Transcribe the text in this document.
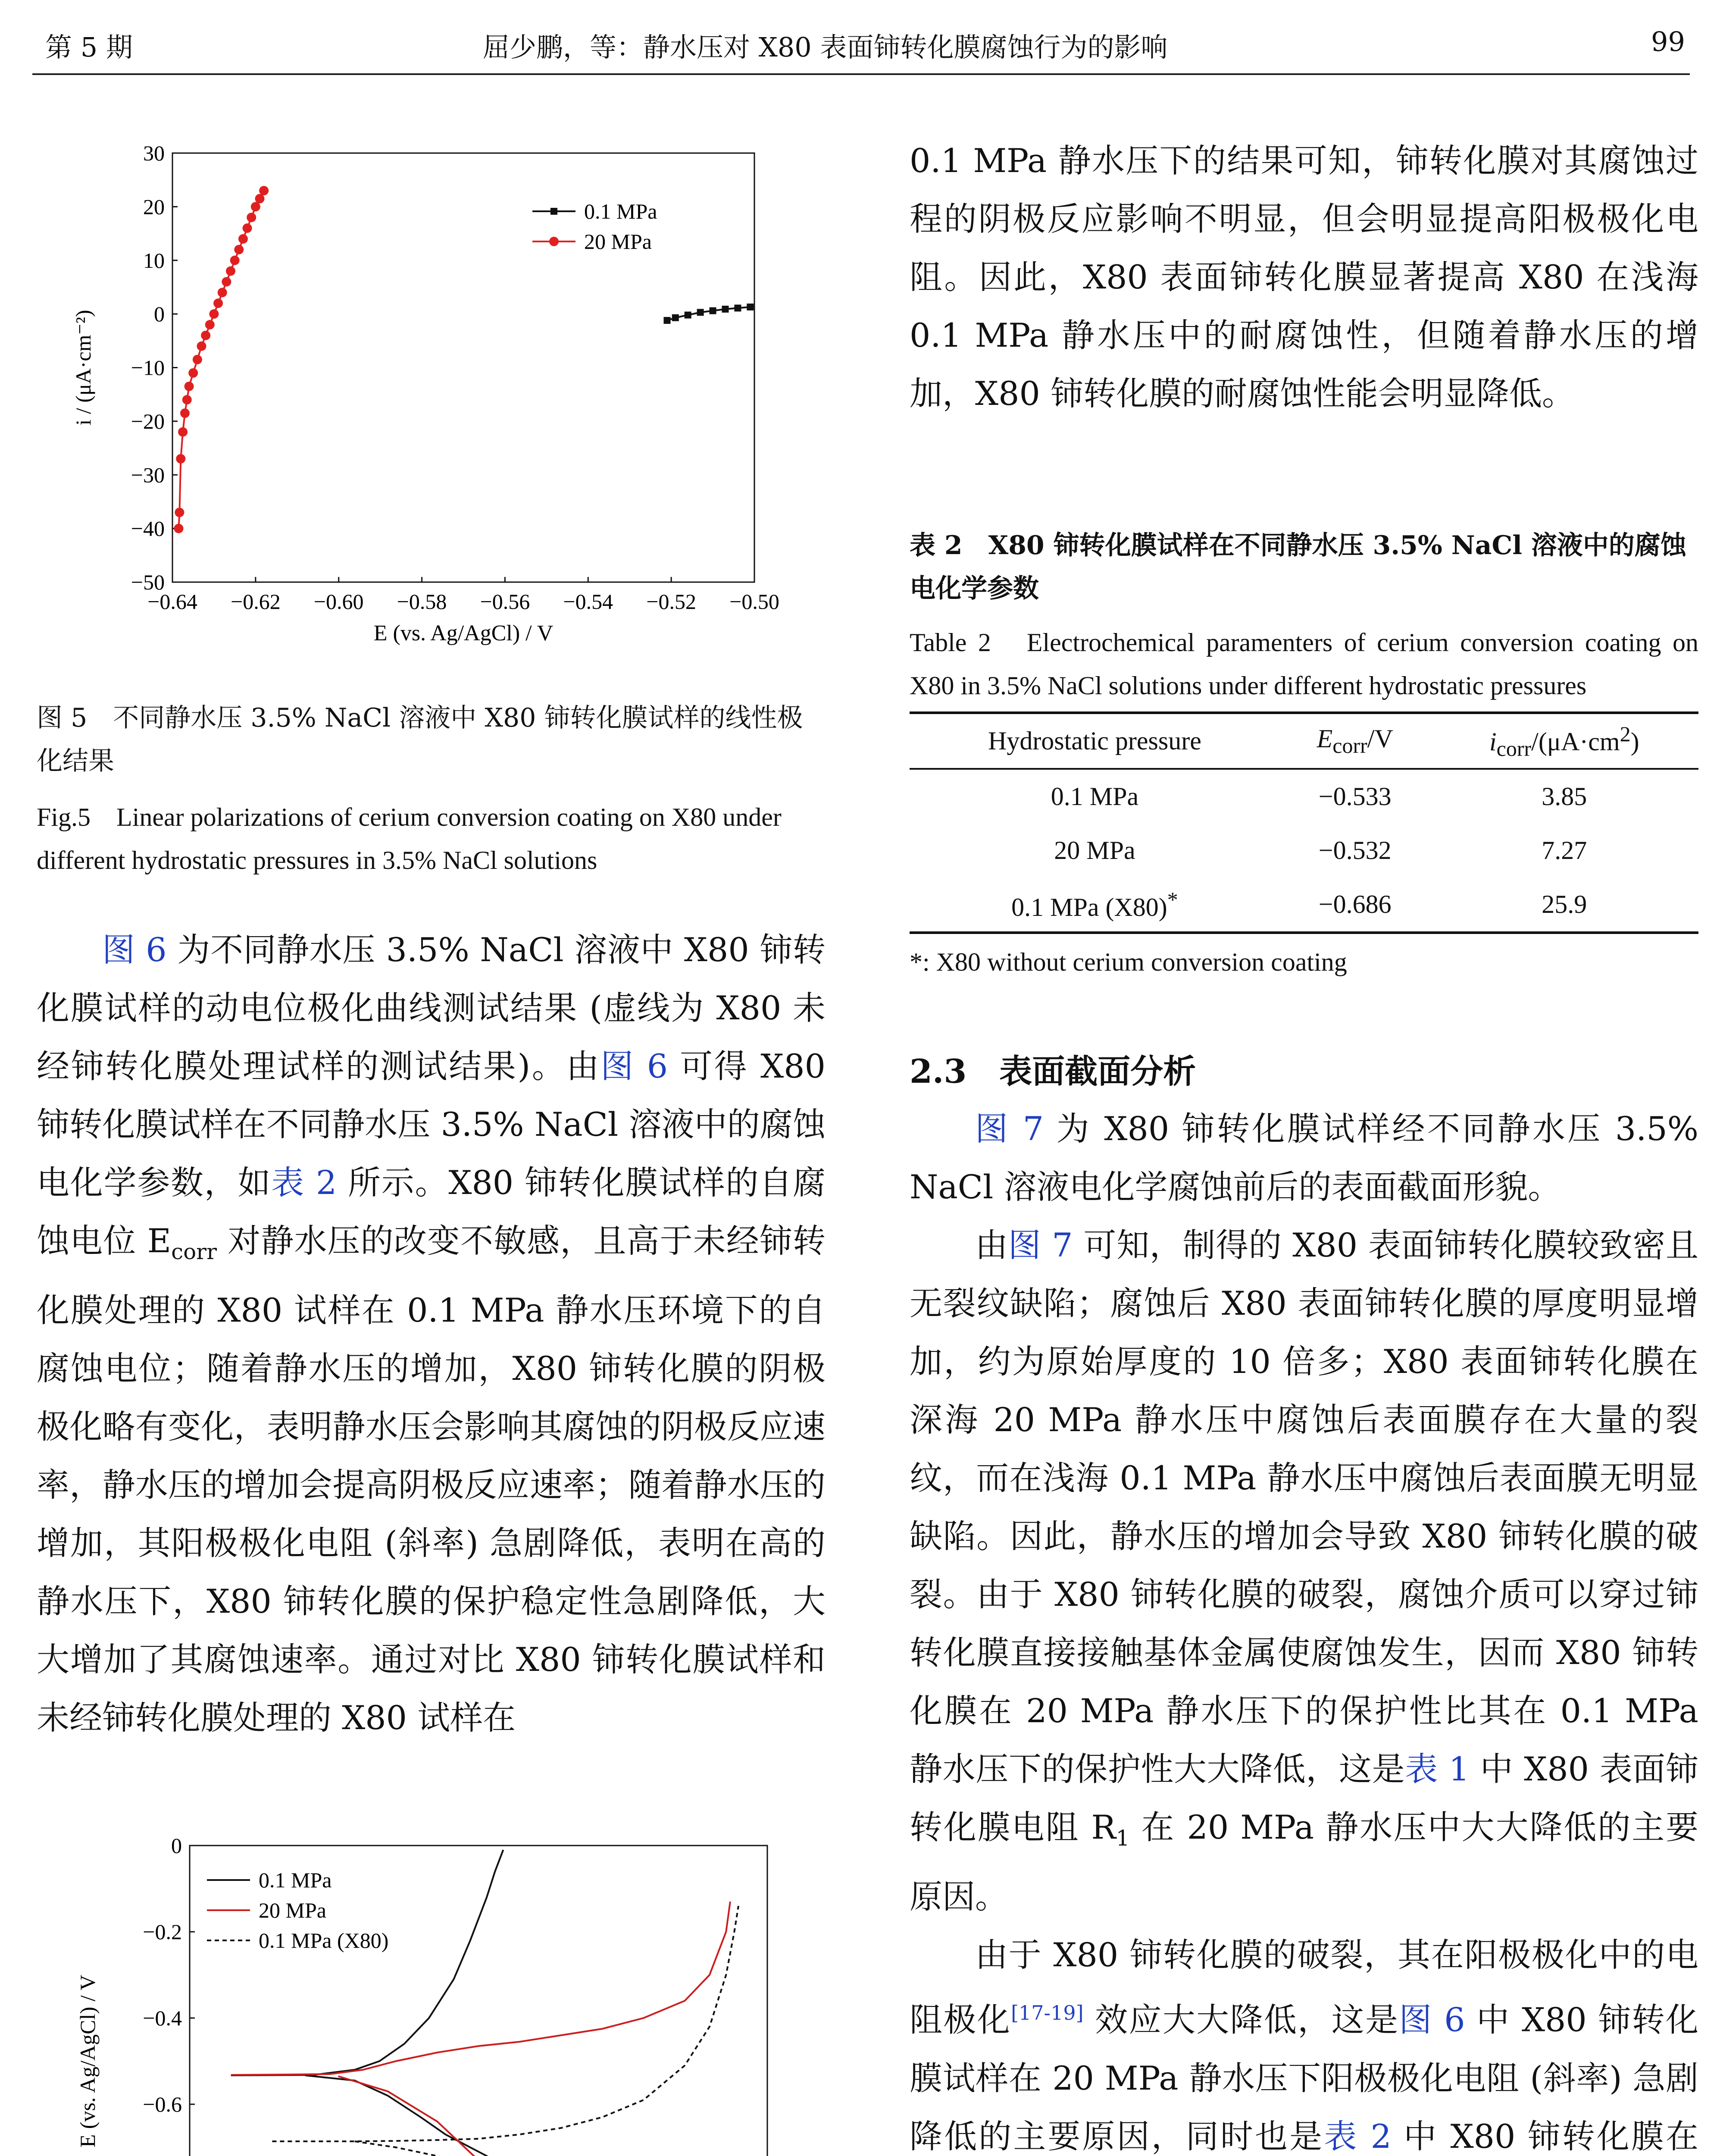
第 5 期	屈少鹏，等：静水压对 X80 表面铈转化膜腐蚀行为的影响	99
−0.64 −0.62 −0.60 −0.58 −0.56 −0.54 −0.52 −0.50
30
20
10
0
−10
−20
−30
−40
−50
E (vs. Ag/AgCl) / V
i / (μA·cm⁻²)
0.1 MPa
20 MPa

图 5　不同静水压 3.5% NaCl 溶液中 X80 铈转化膜试样的线性极化结果

Fig.5　Linear polarizations of cerium conversion coating on X80 under different hydrostatic pressures in 3.5% NaCl solutions

图 6 为不同静水压 3.5% NaCl 溶液中 X80 铈转化膜试样的动电位极化曲线测试结果 (虚线为 X80 未经铈转化膜处理试样的测试结果)。由图 6 可得 X80 铈转化膜试样在不同静水压 3.5% NaCl 溶液中的腐蚀电化学参数，如表 2 所示。X80 铈转化膜试样的自腐蚀电位 $E_{corr}$ 对静水压的改变不敏感，且高于未经铈转化膜处理的 X80 试样在 0.1 MPa 静水压环境下的自腐蚀电位；随着静水压的增加，X80 铈转化膜的阴极极化略有变化，表明静水压会影响其腐蚀的阴极反应速率，静水压的增加会提高阴极反应速率；随着静水压的增加，其阳极极化电阻 (斜率) 急剧降低，表明在高的静水压下，X80 铈转化膜的保护稳定性急剧降低，大大增加了其腐蚀速率。通过对比 X80 铈转化膜试样和未经铈转化膜处理的 X80 试样在

0
−0.2
−0.4
−0.6
E (vs. Ag/AgCl) / V
0.1 MPa
20 MPa
0.1 MPa (X80)

0.1 MPa 静水压下的结果可知，铈转化膜对其腐蚀过程的阴极反应影响不明显，但会明显提高阳极极化电阻。因此，X80 表面铈转化膜显著提高 X80 在浅海 0.1 MPa 静水压中的耐腐蚀性，但随着静水压的增加，X80 铈转化膜的耐腐蚀性能会明显降低。

表 2　X80 铈转化膜试样在不同静水压 3.5% NaCl 溶液中的腐蚀电化学参数

Table 2　Electrochemical paramenters of cerium conversion coating on X80 in 3.5% NaCl solutions under different hydrostatic pressures

Hydrostatic pressure	$E_{corr}/V$	$i_{corr}/(\mu A\cdot cm^2)$
0.1 MPa	−0.533	3.85
20 MPa	−0.532	7.27
0.1 MPa (X80)*	−0.686	25.9

*: X80 without cerium conversion coating

2.3　表面截面分析

图 7 为 X80 铈转化膜试样经不同静水压 3.5% NaCl 溶液电化学腐蚀前后的表面截面形貌。

由图 7 可知，制得的 X80 表面铈转化膜较致密且无裂纹缺陷；腐蚀后 X80 表面铈转化膜的厚度明显增加，约为原始厚度的 10 倍多；X80 表面铈转化膜在深海 20 MPa 静水压中腐蚀后表面膜存在大量的裂纹，而在浅海 0.1 MPa 静水压中腐蚀后表面膜无明显缺陷。因此，静水压的增加会导致 X80 铈转化膜的破裂。由于 X80 铈转化膜的破裂，腐蚀介质可以穿过铈转化膜直接接触基体金属使腐蚀发生，因而 X80 铈转化膜在 20 MPa 静水压下的保护性比其在 0.1 MPa 静水压下的保护性大大降低，这是表 1 中 X80 表面铈转化膜电阻 $R_1$ 在 20 MPa 静水压中大大降低的主要原因。

由于 X80 铈转化膜的破裂，其在阳极极化中的电阻极化[17-19] 效应大大降低，这是图 6 中 X80 铈转化膜试样在 20 MPa 静水压下阳极极化电阻 (斜率) 急剧降低的主要原因，同时也是表 2 中 X80 铈转化膜在
